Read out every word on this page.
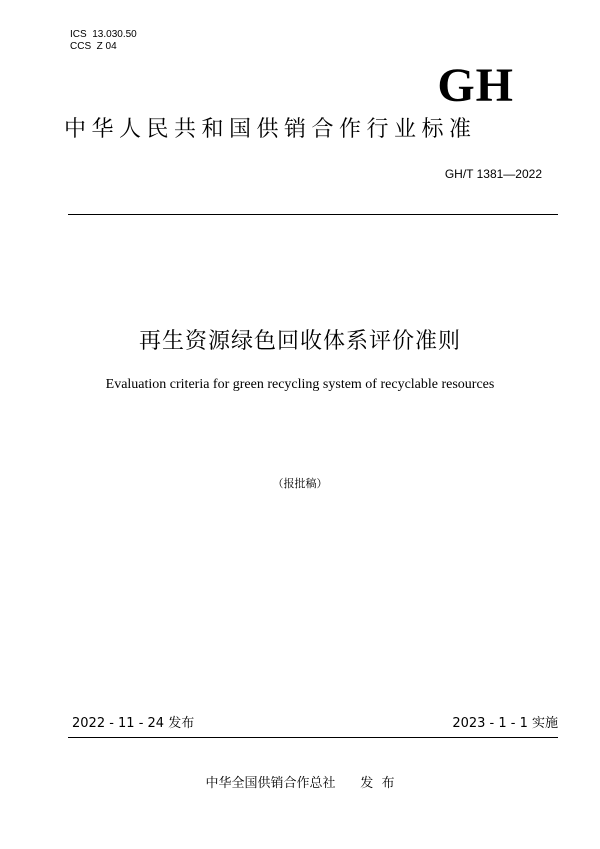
ICS  13.030.50
CCS  Z 04
GH
中华人民共和国供销合作行业标准
GH/T 1381—2022
再生资源绿色回收体系评价准则
Evaluation criteria for green recycling system of recyclable resources
（报批稿）
2022 - 11 - 24 发布	2023 - 1 - 1 实施
中华全国供销合作总社      发  布
